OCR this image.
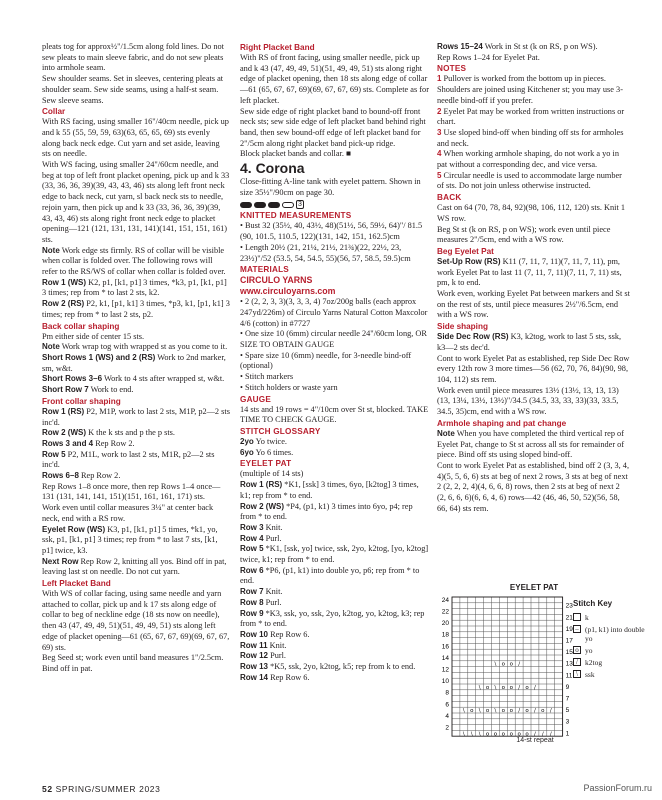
pleats tog for approx½"/1.5cm along fold lines. Do not sew pleats to main sleeve fabric, and do not sew pleats into armhole seam.

Sew shoulder seams. Set in sleeves, centering pleats at shoulder seam. Sew side seams, using a half-st seam. Sew sleeve seams.

Collar

With RS facing, using smaller 16"/40cm needle, pick up and k 55 (55, 59, 59, 63)(63, 65, 65, 69) sts evenly along back neck edge. Cut yarn and set aside, leaving sts on needle.

With WS facing, using smaller 24"/60cm needle, and beg at top of left front placket opening, pick up and k 33 (33, 36, 36, 39)(39, 43, 43, 46) sts along left front neck edge to back neck, cut yarn, sl back neck sts to needle, rejoin yarn, then pick up and k 33 (33, 36, 36, 39)(39, 43, 43, 46) sts along right front neck edge to placket opening—121 (121, 131, 131, 141)(141, 151, 151, 161) sts.

Note Work edge sts firmly. RS of collar will be visible when collar is folded over. The following rows will refer to the RS/WS of collar when collar is folded over.

Row 1 (WS) K2, p1, [k1, p1] 3 times, *k3, p1, [k1, p1] 3 times; rep from * to last 2 sts, k2.

Row 2 (RS) P2, k1, [p1, k1] 3 times, *p3, k1, [p1, k1] 3 times; rep from * to last 2 sts, p2.

Back collar shaping

Pm either side of center 15 sts.

Note Work wrap tog with wrapped st as you come to it.

Short Rows 1 (WS) and 2 (RS) Work to 2nd marker, sm, w&t.

Short Rows 3–6 Work to 4 sts after wrapped st, w&t.

Short Row 7 Work to end.

Front collar shaping

Row 1 (RS) P2, M1P, work to last 2 sts, M1P, p2—2 sts inc'd.

Row 2 (WS) K the k sts and p the p sts.

Rows 3 and 4 Rep Row 2.

Row 5 P2, M1L, work to last 2 sts, M1R, p2—2 sts inc'd.

Rows 6–8 Rep Row 2.

Rep Rows 1–8 once more, then rep Rows 1–4 once—131 (131, 141, 141, 151)(151, 161, 161, 171) sts.

Work even until collar measures 3¼" at center back neck, end with a RS row.

Eyelet Row (WS) K3, p1, [k1, p1] 5 times, *k1, yo, ssk, p1, [k1, p1] 3 times; rep from * to last 7 sts, [k1, p1] twice, k3.

Next Row Rep Row 2, knitting all yos. Bind off in pat, leaving last st on needle. Do not cut yarn.

Left Placket Band

With WS of collar facing, using same needle and yarn attached to collar, pick up and k 17 sts along edge of collar to beg of neckline edge (18 sts now on needle), then 43 (47, 49, 49, 51)(51, 49, 49, 51) sts along left edge of placket opening—61 (65, 67, 67, 69)(69, 67, 67, 69) sts.

Beg Seed st; work even until band measures 1"/2.5cm. Bind off in pat.

Right Placket Band

With RS of front facing, using smaller needle, pick up and k 43 (47, 49, 49, 51)(51, 49, 49, 51) sts along right edge of placket opening, then 18 sts along edge of collar—61 (65, 67, 67, 69)(69, 67, 67, 69) sts. Complete as for left placket.

Sew side edge of right placket band to bound-off front neck sts; sew side edge of left placket band behind right band, then sew bound-off edge of left placket band for 2"/5cm along right placket band pick-up ridge.

Block placket bands and collar. ■

4. Corona

Close-fitting A-line tank with eyelet pattern. Shown in size 35½"/90cm on page 30.

3

KNITTED MEASUREMENTS

• Bust 32 (35½, 40, 43½, 48)(51½, 56, 59½, 64)"/ 81.5 (90, 101.5, 110.5, 122)(131, 142, 151, 162.5)cm

• Length 20½ (21, 21¼, 21½, 21¾)(22, 22½, 23, 23½)"/52 (53.5, 54, 54.5, 55)(56, 57, 58.5, 59.5)cm

MATERIALS

CIRCULO YARNS

www.circuloyarns.com

• 2 (2, 2, 3, 3)(3, 3, 3, 4) 7oz/200g balls (each approx 247yd/226m) of Circulo Yarns Natural Cotton Maxcolor 4/6 (cotton) in #7727

• One size 10 (6mm) circular needle 24"/60cm long, OR SIZE TO OBTAIN GAUGE

• Spare size 10 (6mm) needle, for 3-needle bind-off (optional)

• Stitch markers

• Stitch holders or waste yarn

GAUGE

14 sts and 19 rows = 4"/10cm over St st, blocked. TAKE TIME TO CHECK GAUGE.

STITCH GLOSSARY

2yo Yo twice.

6yo Yo 6 times.

EYELET PAT

(multiple of 14 sts)

Row 1 (RS) *K1, [ssk] 3 times, 6yo, [k2tog] 3 times, k1; rep from * to end.

Row 2 (WS) *P4, (p1, k1) 3 times into 6yo, p4; rep from * to end.

Row 3 Knit.

Row 4 Purl.

Row 5 *K1, [ssk, yo] twice, ssk, 2yo, k2tog, [yo, k2tog] twice, k1; rep from * to end.

Row 6 *P6, (p1, k1) into double yo, p6; rep from * to end.

Row 7 Knit.

Row 8 Purl.

Row 9 *K3, ssk, yo, ssk, 2yo, k2tog, yo, k2tog, k3; rep from * to end.

Row 10 Rep Row 6.

Row 11 Knit.

Row 12 Purl.

Row 13 *K5, ssk, 2yo, k2tog, k5; rep from k to end.

Row 14 Rep Row 6.

Rows 15–24 Work in St st (k on RS, p on WS).

Rep Rows 1–24 for Eyelet Pat.

NOTES

1 Pullover is worked from the bottom up in pieces. Shoulders are joined using Kitchener st; you may use 3-needle bind-off if you prefer.

2 Eyelet Pat may be worked from written instructions or chart.

3 Use sloped bind-off when binding off sts for armholes and neck.

4 When working armhole shaping, do not work a yo in pat without a corresponding dec, and vice versa.

5 Circular needle is used to accommodate large number of sts. Do not join unless otherwise instructed.

BACK

Cast on 64 (70, 78, 84, 92)(98, 106, 112, 120) sts. Knit 1 WS row.

Beg St st (k on RS, p on WS); work even until piece measures 2"/5cm, end with a WS row.

Beg Eyelet Pat

Set-Up Row (RS) K11 (7, 11, 7, 11)(7, 11, 7, 11), pm, work Eyelet Pat to last 11 (7, 11, 7, 11)(7, 11, 7, 11) sts, pm, k to end.

Work even, working Eyelet Pat between markers and St st on the rest of sts, until piece measures 2½"/6.5cm, end with a WS row.

Side shaping

Side Dec Row (RS) K3, k2tog, work to last 5 sts, ssk, k3—2 sts dec'd.

Cont to work Eyelet Pat as established, rep Side Dec Row every 12th row 3 more times—56 (62, 70, 76, 84)(90, 98, 104, 112) sts rem.

Work even until piece measures 13½ (13½, 13, 13, 13)(13, 13¼, 13½, 13½)"/34.5 (34.5, 33, 33, 33)(33, 33.5, 34.5, 35)cm, end with a WS row.

Armhole shaping and pat change

Note When you have completed the third vertical rep of Eyelet Pat, change to St st across all sts for remainder of piece. Bind off sts using sloped bind-off.

Cont to work Eyelet Pat as established, bind off 2 (3, 3, 4, 4)(5, 5, 6, 6) sts at beg of next 2 rows, 3 sts at beg of next 2 (2, 2, 2, 4)(4, 6, 6, 8) rows, then 2 sts at beg of next 2 (2, 6, 6, 6)(6, 6, 4, 6) rows—42 (46, 46, 50, 52)(56, 58, 66, 64) sts rem.

EYELET PAT
24
22
20
18
16
14
12
10
8
6
4
2
23
21
19
17
15
13
11
9
7
5
3
1
\ \ \	/ / /
o o o o o o
\ o \ o \ o o / o / o /
\ o \ o o / o /
\ o o /
14-st repeat
Stitch Key
k
– (p1, k1) into double yo
o yo
/ k2tog
\ ssk
52 SPRING/SUMMER 2023	PassionForum.ru
